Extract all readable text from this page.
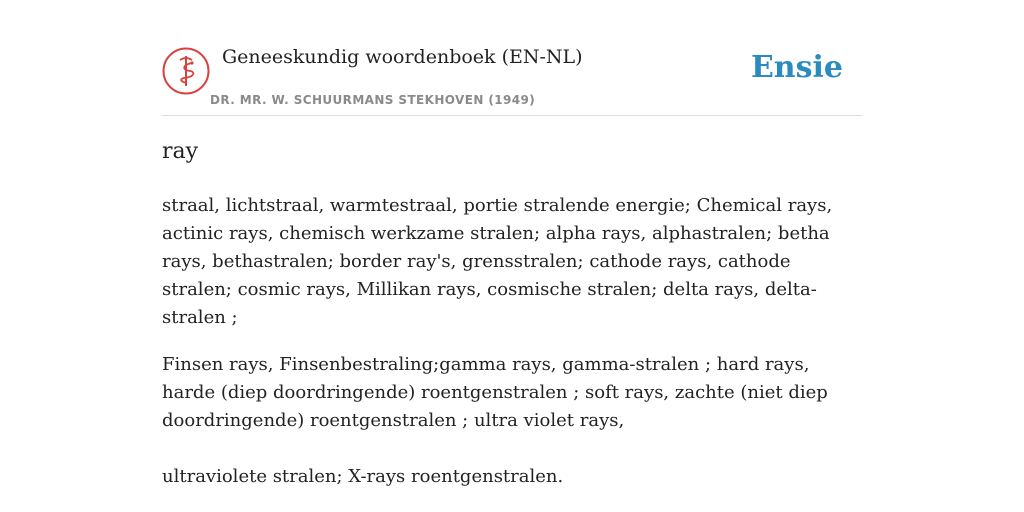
Geneeskundig woordenboek (EN-NL)
DR. MR. W. SCHUURMANS STEKHOVEN (1949)
Ensie
ray

straal, lichtstraal, warmtestraal, portie stralende energie; Chemical rays, actinic rays, chemisch werkzame stralen; alpha rays, alphastralen; betha rays, bethastralen; border ray's, grensstralen; cathode rays, cathode stralen; cosmic rays, Millikan rays, cosmische stralen; delta rays, delta-stralen ;

Finsen rays, Finsenbestraling;gamma rays, gamma-stralen ; hard rays, harde (diep doordringende) roentgenstralen ; soft rays, zachte (niet diep doordringende) roentgenstralen ; ultra violet rays,

ultraviolete stralen; X-rays roentgenstralen.
